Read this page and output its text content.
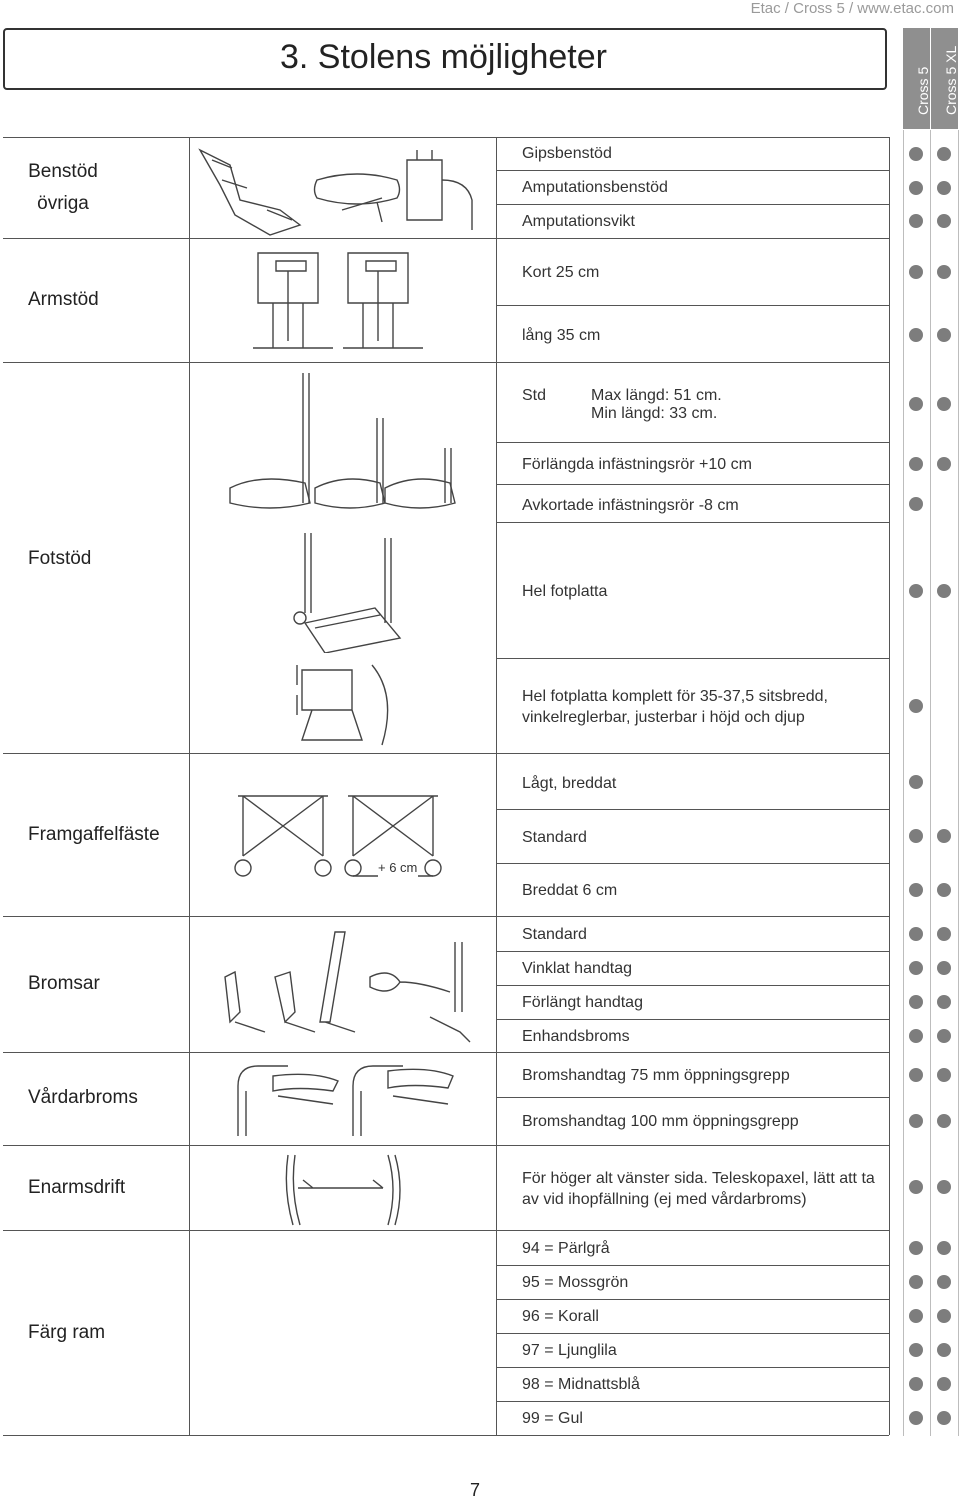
Etac / Cross 5 / www.etac.com
3. Stolens möjligheter
Cross 5 Cross 5 XL
Benstöd övriga
Armstöd
Fotstöd
Framgaffelfäste
Bromsar
Vårdarbroms
Enarmsdrift
Färg ram
Gipsbenstöd
Amputationsbenstöd
Amputationsvikt
Kort 25 cm
lång 35 cm
Std	Max längd: 51 cm.
Min längd: 33 cm.
Förlängda infästningsrör +10 cm
Avkortade infästningsrör -8 cm
Hel fotplatta
Hel fotplatta komplett för 35-37,5 sitsbredd,
vinkelreglerbar, justerbar i höjd och djup
Lågt, breddat
Standard
Breddat 6 cm
Standard
Vinklat handtag
Förlängt handtag
Enhandsbroms
Bromshandtag 75 mm öppningsgrepp
Bromshandtag 100 mm öppningsgrepp
För höger alt vänster sida. Teleskopaxel, lätt att ta
av vid ihopfällning (ej med vårdarbroms)
94 = Pärlgrå
95 = Mossgrön
96 = Korall
97 = Ljunglila
98 = Midnattsblå
99 = Gul
+ 6 cm
7
